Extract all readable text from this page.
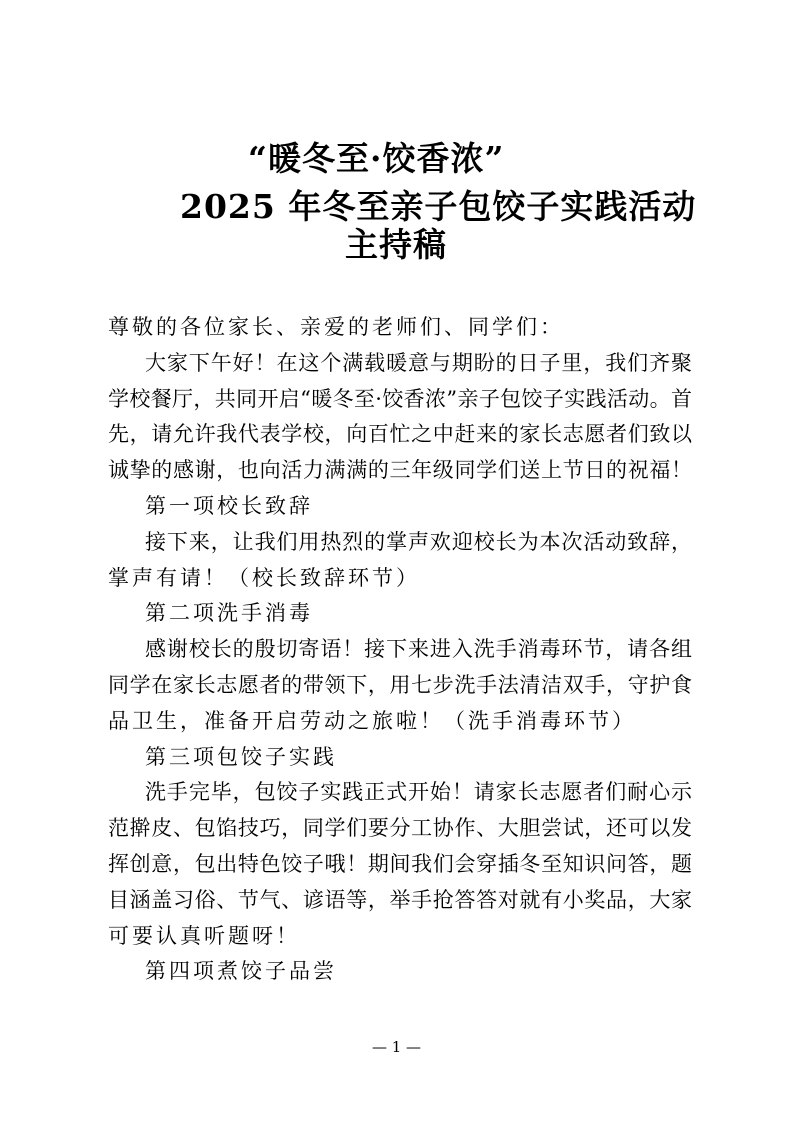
“暖冬至·饺香浓”
2025 年冬至亲子包饺子实践活动
主持稿
尊敬的各位家长、亲爱的老师们、同学们：
大家下午好！在这个满载暖意与期盼的日子里，我们齐聚
学校餐厅，共同开启“暖冬至·饺香浓”亲子包饺子实践活动。首
先，请允许我代表学校，向百忙之中赶来的家长志愿者们致以
诚挚的感谢，也向活力满满的三年级同学们送上节日的祝福！
第一项校长致辞
接下来，让我们用热烈的掌声欢迎校长为本次活动致辞，
掌声有请！（校长致辞环节）
第二项洗手消毒
感谢校长的殷切寄语！接下来进入洗手消毒环节，请各组
同学在家长志愿者的带领下，用七步洗手法清洁双手，守护食
品卫生，准备开启劳动之旅啦！（洗手消毒环节）
第三项包饺子实践
洗手完毕，包饺子实践正式开始！请家长志愿者们耐心示
范擀皮、包馅技巧，同学们要分工协作、大胆尝试，还可以发
挥创意，包出特色饺子哦！期间我们会穿插冬至知识问答，题
目涵盖习俗、节气、谚语等，举手抢答答对就有小奖品，大家
可要认真听题呀！
第四项煮饺子品尝
— 1 —
